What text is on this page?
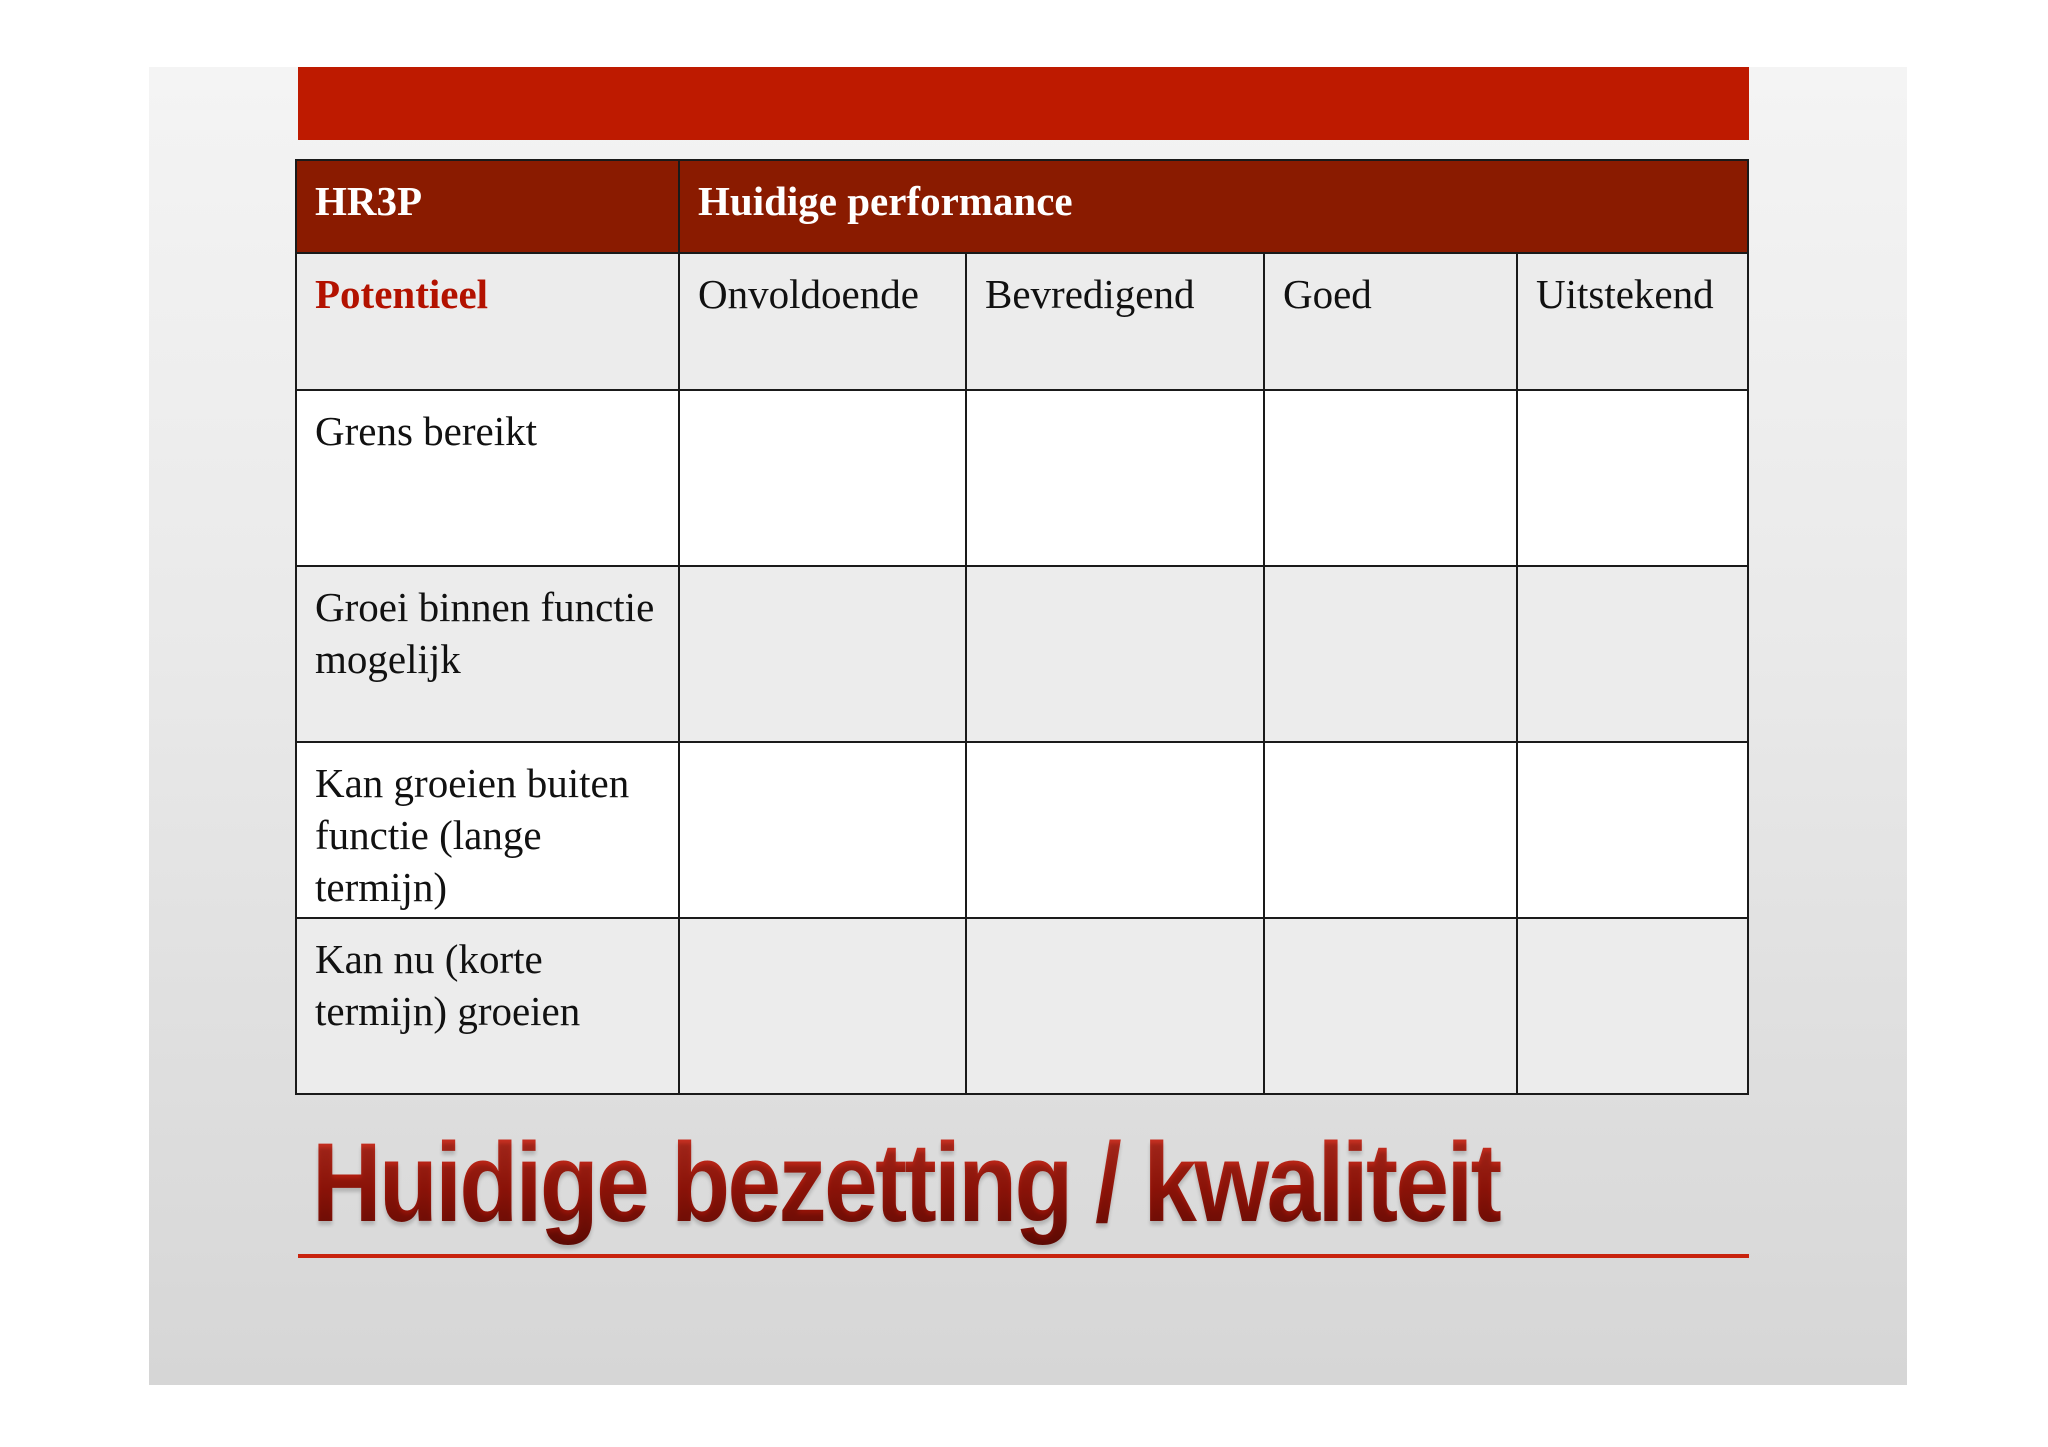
HR3P	Huidige performance			
Potentieel	Onvoldoende	Bevredigend	Goed	Uitstekend
Grens bereikt				
Groei binnen functie mogelijk				
Kan groeien buiten functie (lange termijn)				
Kan nu (korte termijn) groeien				
Huidige bezetting / kwaliteit
